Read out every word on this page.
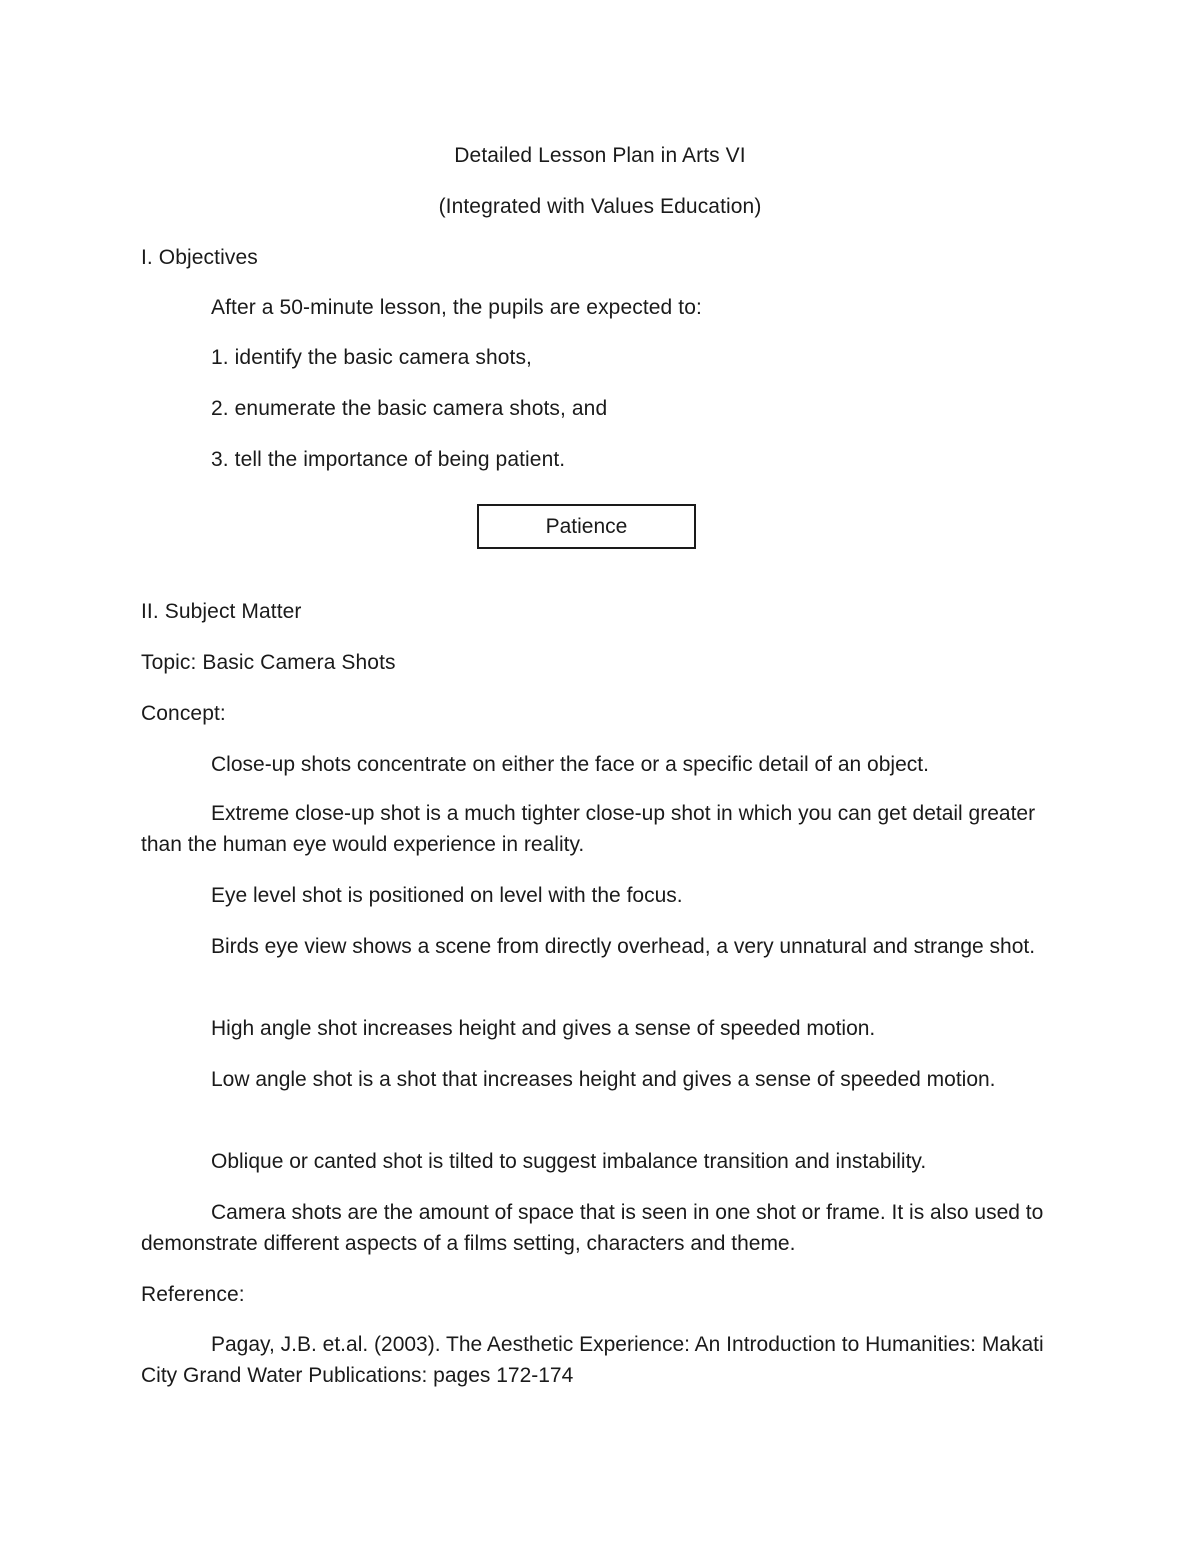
Detailed Lesson Plan in Arts VI
(Integrated with Values Education)
I. Objectives
After a 50-minute lesson, the pupils are expected to:
1. identify the basic camera shots,
2. enumerate the basic camera shots, and
3. tell the importance of being patient.
Patience
II. Subject Matter
Topic: Basic Camera Shots
Concept:
Close-up shots concentrate on either the face or a specific detail of an object.
Extreme close-up shot is a much tighter close-up shot in which you can get detail greater than the human eye would experience in reality.
Eye level shot is positioned on level with the focus.
Birds eye view shows a scene from directly overhead, a very unnatural and strange shot.
High angle shot increases height and gives a sense of speeded motion.
Low angle shot is a shot that increases height and gives a sense of speeded motion.
Oblique or canted shot is tilted to suggest imbalance transition and instability.
Camera shots are the amount of space that is seen in one shot or frame. It is also used to demonstrate different aspects of a films setting, characters and theme.
Reference:
Pagay, J.B. et.al. (2003). The Aesthetic Experience: An Introduction to Humanities: Makati City Grand Water Publications: pages 172-174
